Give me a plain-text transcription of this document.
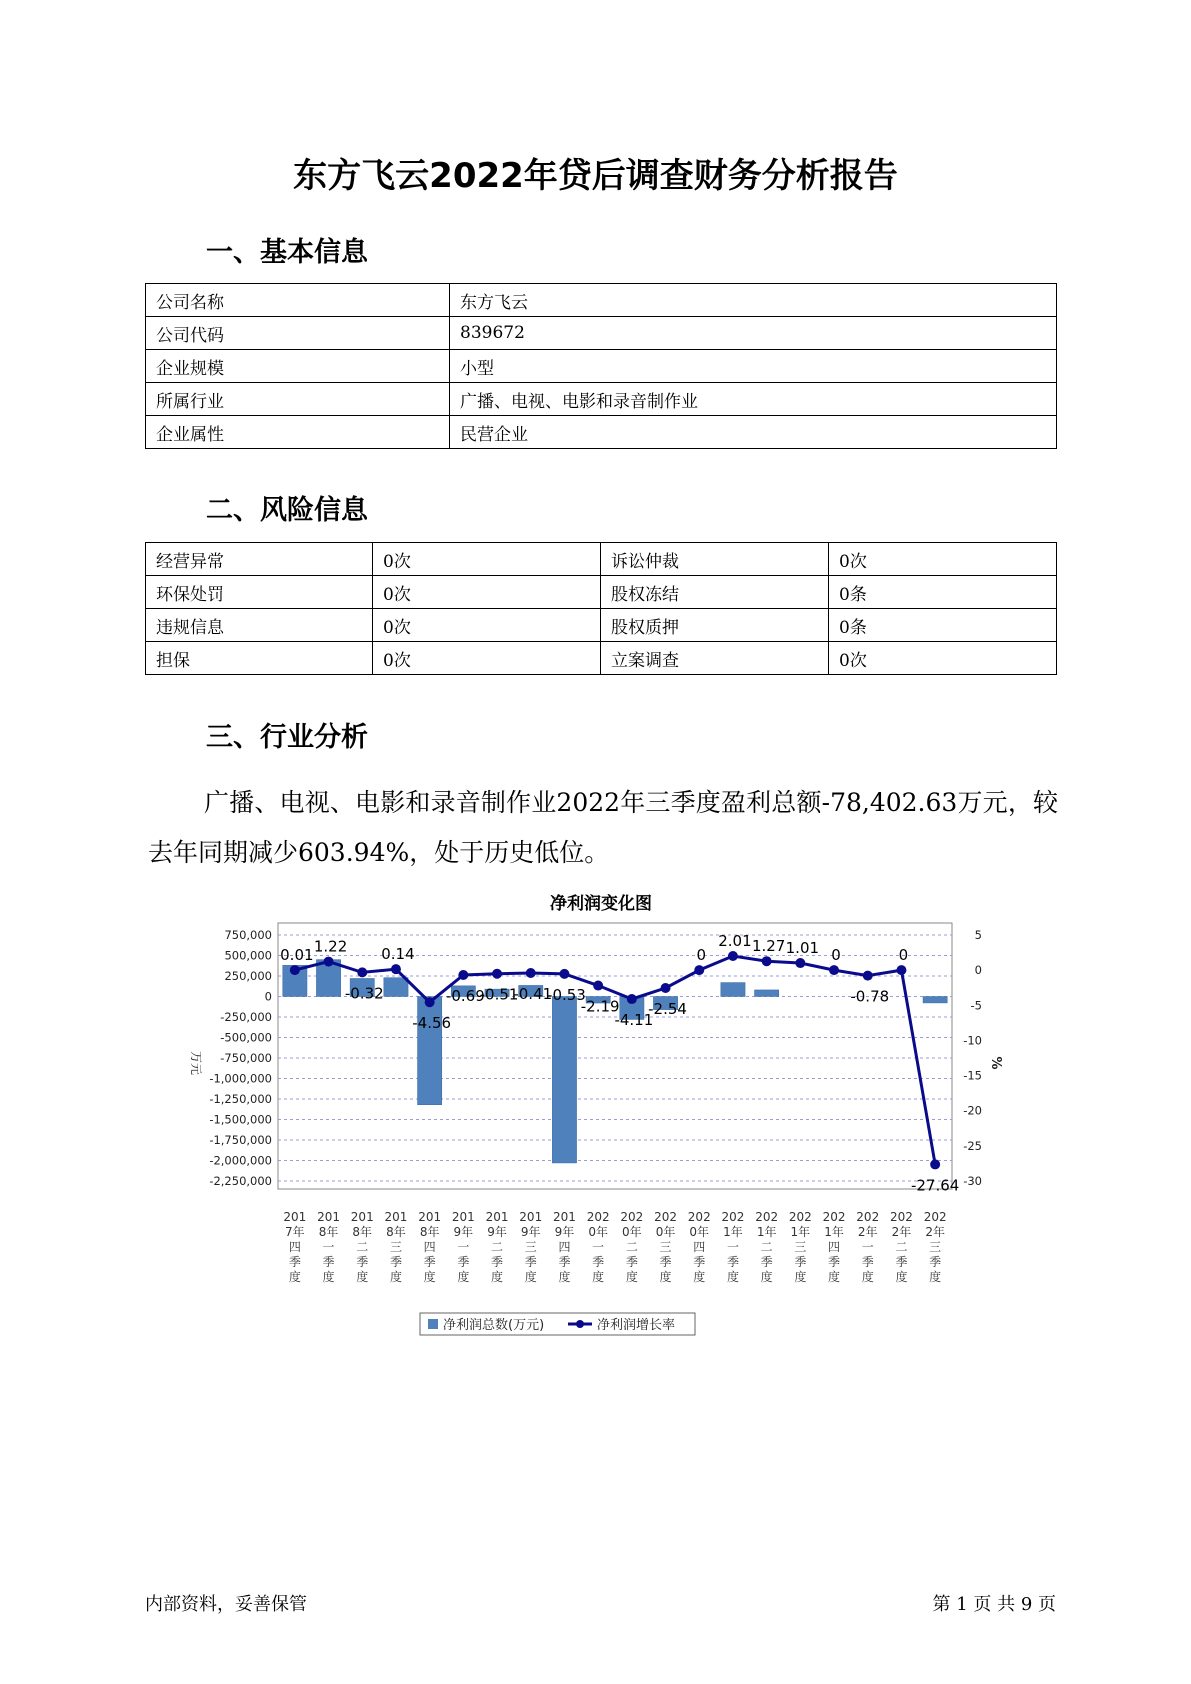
东方飞云2022年贷后调查财务分析报告
一、基本信息
公司名称	东方飞云
公司代码	839672
企业规模	小型
所属行业	广播、电视、电影和录音制作业
企业属性	民营企业
二、风险信息
经营异常	0次	诉讼仲裁	0次
环保处罚	0次	股权冻结	0条
违规信息	0次	股权质押	0条
担保	0次	立案调查	0次
三、行业分析
广播、电视、电影和录音制作业2022年三季度盈利总额-78,402.63万元，较去年同期减少603.94%，处于历史低位。
净利润变化图
750,000
500,000
250,000
0
-250,000
-500,000
-750,000
-1,000,000
-1,250,000
-1,500,000
-1,750,000
-2,000,000
-2,250,000
5
0
-5
-10
-15
-20
-25
-30
万元	%
0.01 1.22
-0.32
0.14
-4.56
-0.69
-0.51
-0.41
-0.53
-2.19
-4.11
-2.54
0
2.01 1.27 1.01 0
-0.78
0
-27.64
201
7年
四
季
度
201
8年
一
季
度
201
8年
二
季
度
201
8年
三
季
度
201
8年
四
季
度
201
9年
一
季
度
201
9年
二
季
度
201
9年
三
季
度
201
9年
四
季
度
202
0年
一
季
度
202
0年
二
季
度
202
0年
三
季
度
202
0年
四
季
度
202
1年
一
季
度
202
1年
二
季
度
202
1年
三
季
度
202
1年
四
季
度
202
2年
一
季
度
202
2年
二
季
度
202
2年
三
季
度
净利润总数(万元)	净利润增长率
内部资料，妥善保管	第 1 页 共 9 页
